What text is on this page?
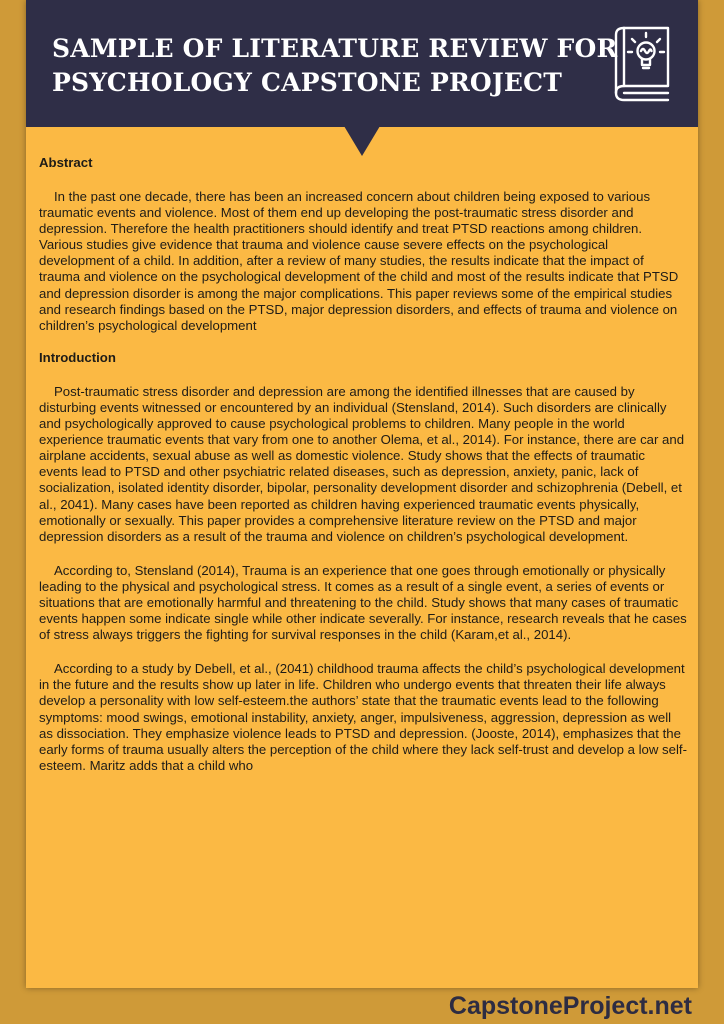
SAMPLE OF LITERATURE REVIEW FOR
PSYCHOLOGY CAPSTONE PROJECT

Abstract

In the past one decade, there has been an increased concern about children being exposed to various traumatic events and violence. Most of them end up developing the post-traumatic stress disorder and depression. Therefore the health practitioners should identify and treat PTSD reactions among children. Various studies give evidence that trauma and violence cause severe effects on the psychological development of a child. In addition, after a review of many studies, the results indicate that the impact of trauma and violence on the psychological development of the child and most of the results indicate that PTSD and depression disorder is among the major complications. This paper reviews some of the empirical studies and research findings based on the PTSD, major depression disorders, and effects of trauma and violence on children’s psychological development

Introduction

Post-traumatic stress disorder and depression are among the identified illnesses that are caused by disturbing events witnessed or encountered by an individual (Stensland, 2014). Such disorders are clinically and psychologically approved to cause psychological problems to children. Many people in the world experience traumatic events that vary from one to another Olema, et al., 2014). For instance, there are car and airplane accidents, sexual abuse as well as domestic violence. Study shows that the effects of traumatic events lead to PTSD and other psychiatric related diseases, such as depression, anxiety, panic, lack of socialization, isolated identity disorder, bipolar, personality development disorder and schizophrenia (Debell, et al., 2041). Many cases have been reported as children having experienced traumatic events physically, emotionally or sexually. This paper provides a comprehensive literature review on the PTSD and major depression disorders as a result of the trauma and violence on children’s psychological development.

According to, Stensland (2014), Trauma is an experience that one goes through emotionally or physically leading to the physical and psychological stress. It comes as a result of a single event, a series of events or situations that are emotionally harmful and threatening to the child. Study shows that many cases of traumatic events happen some indicate single while other indicate severally. For instance, research reveals that he cases of stress always triggers the fighting for survival responses in the child (Karam,et al., 2014).

According to a study by Debell, et al., (2041) childhood trauma affects the child’s psychological development in the future and the results show up later in life. Children who undergo events that threaten their life always develop a personality with low self-esteem.the authors’ state that the traumatic events lead to the following symptoms: mood swings, emotional instability, anxiety, anger, impulsiveness, aggression, depression as well as dissociation. They emphasize violence leads to PTSD and depression. (Jooste, 2014), emphasizes that the early forms of trauma usually alters the perception of the child where they lack self-trust and develop a low self-esteem. Maritz adds that a child who

CapstoneProject.net
